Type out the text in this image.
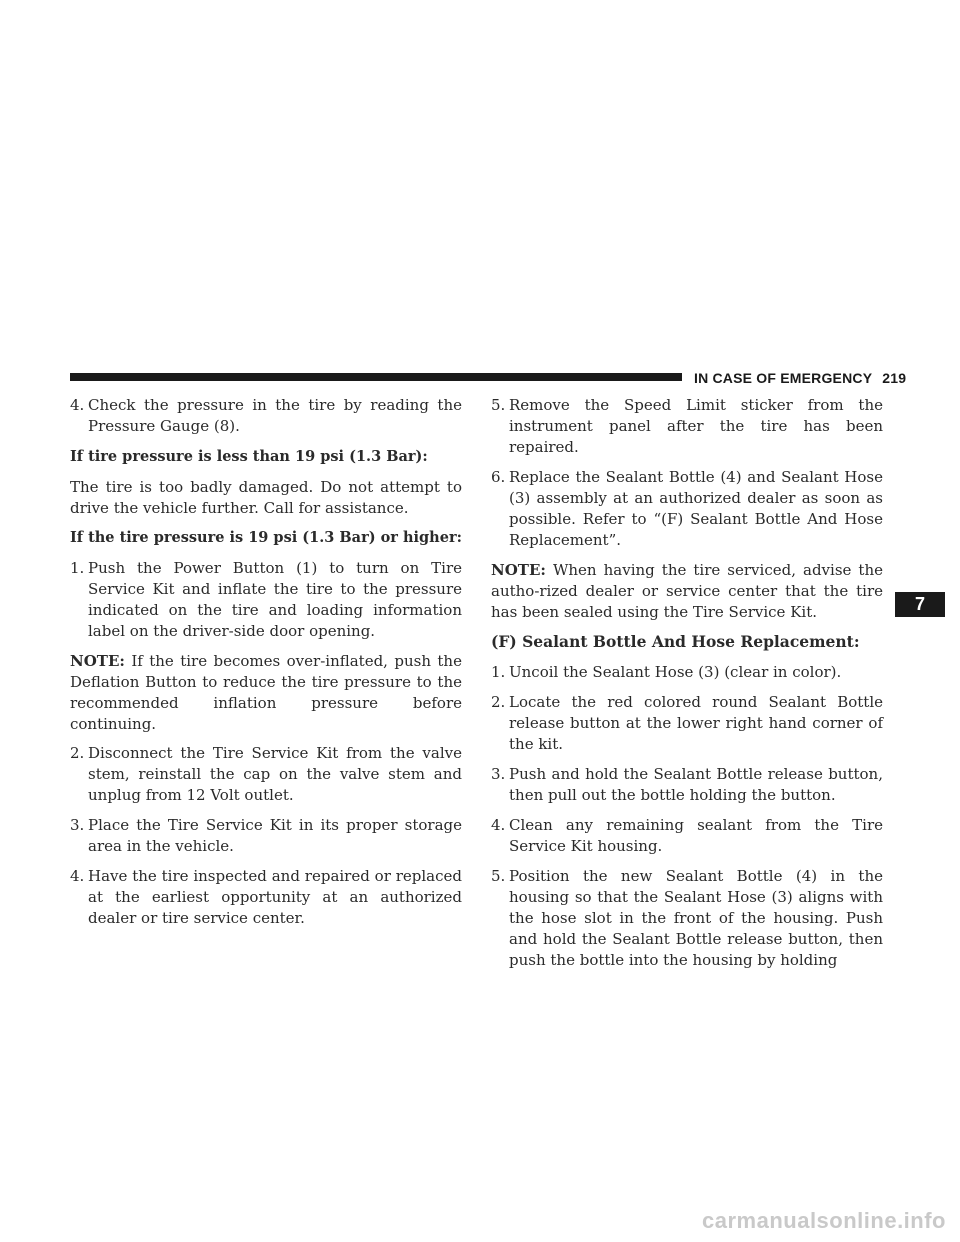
IN CASE OF EMERGENCY 219
7
4. Check the pressure in the tire by reading the Pressure Gauge (8).
If tire pressure is less than 19 psi (1.3 Bar):

The tire is too badly damaged. Do not attempt to drive the vehicle further. Call for assistance.

If the tire pressure is 19 psi (1.3 Bar) or higher:
1. Push the Power Button (1) to turn on Tire Service Kit and inflate the tire to the pressure indicated on the tire and loading information label on the driver-side door opening.

NOTE: If the tire becomes over-inflated, push the Deflation Button to reduce the tire pressure to the recommended inflation pressure before continuing.

2. Disconnect the Tire Service Kit from the valve stem, reinstall the cap on the valve stem and unplug from 12 Volt outlet.
3. Place the Tire Service Kit in its proper storage area in the vehicle.
4. Have the tire inspected and repaired or replaced at the earliest opportunity at an authorized dealer or tire service center.
5. Remove the Speed Limit sticker from the instrument panel after the tire has been repaired.
6. Replace the Sealant Bottle (4) and Sealant Hose (3) assembly at an authorized dealer as soon as possible. Refer to “(F) Sealant Bottle And Hose Replacement”.

NOTE: When having the tire serviced, advise the autho-rized dealer or service center that the tire has been sealed using the Tire Service Kit.

(F) Sealant Bottle And Hose Replacement:
1. Uncoil the Sealant Hose (3) (clear in color).
2. Locate the red colored round Sealant Bottle release button at the lower right hand corner of the kit.
3. Push and hold the Sealant Bottle release button, then pull out the bottle holding the button.
4. Clean any remaining sealant from the Tire Service Kit housing.
5. Position the new Sealant Bottle (4) in the housing so that the Sealant Hose (3) aligns with the hose slot in the front of the housing. Push and hold the Sealant Bottle release button, then push the bottle into the housing by holding
carmanualsonline.info
